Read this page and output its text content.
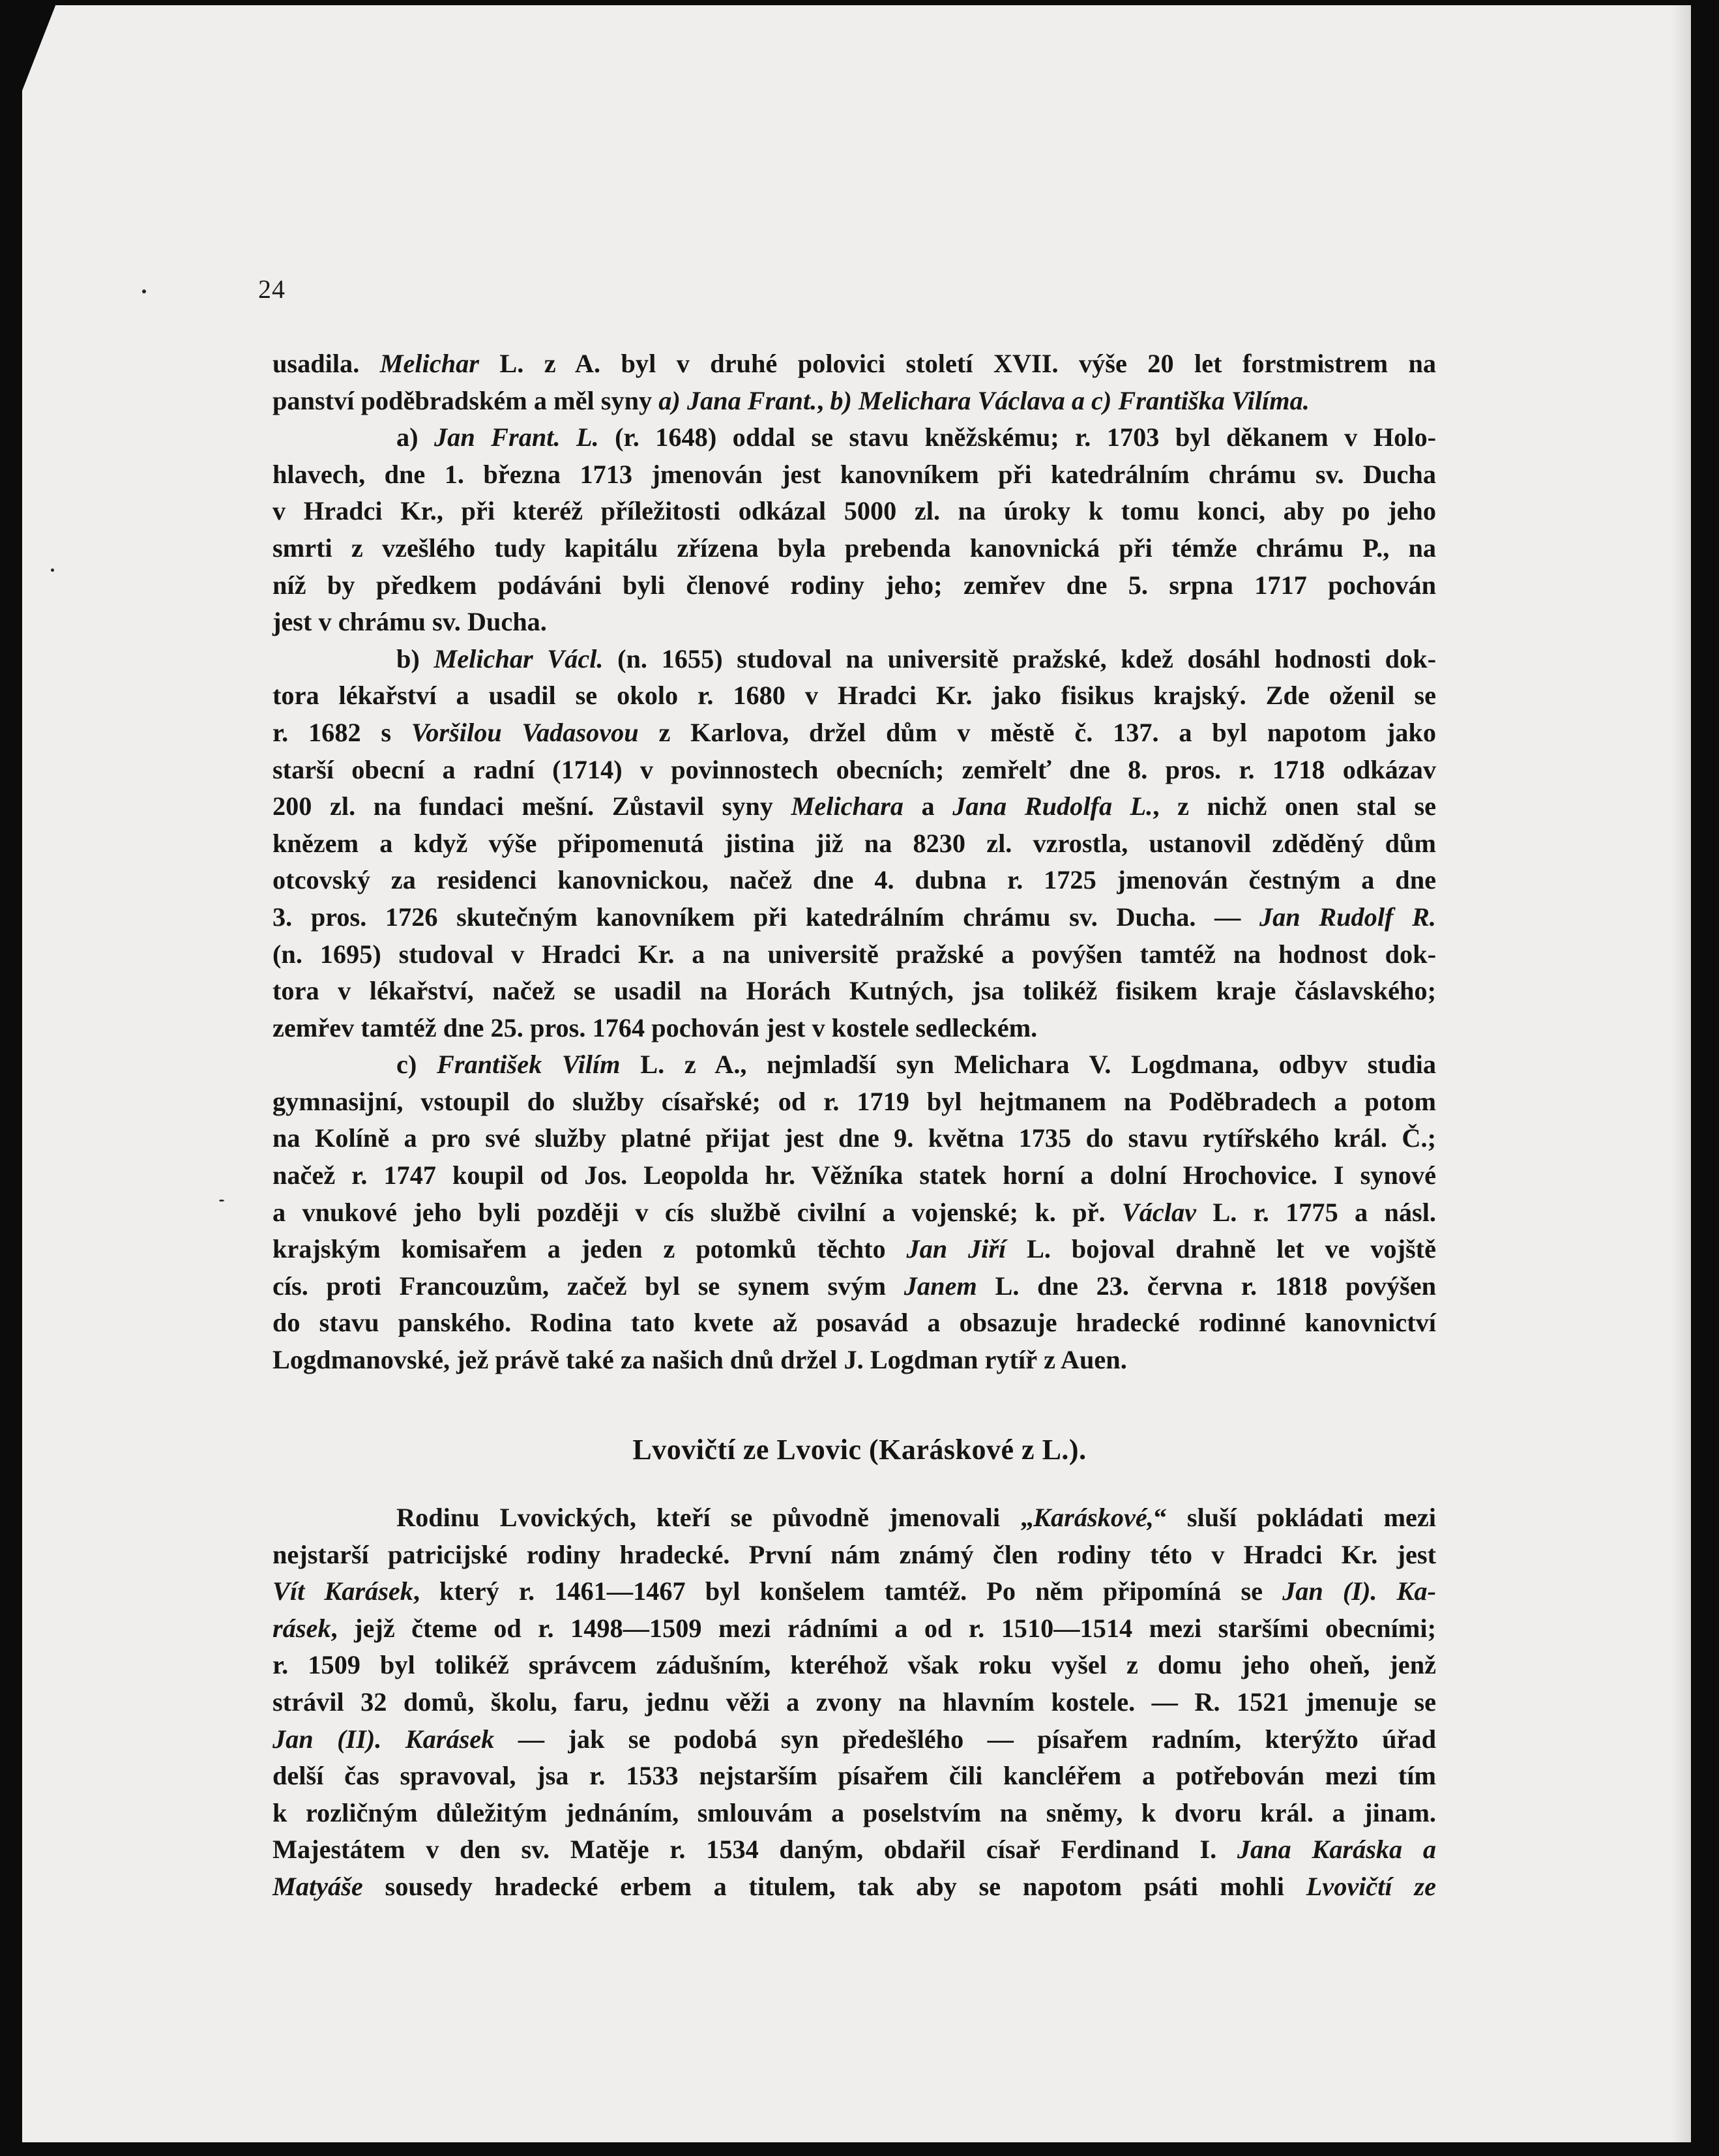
24
usadila. Melichar L. z A. byl v druhé polovici století XVII. výše 20 let forstmistrem na
panství poděbradském a měl syny a) Jana Frant., b) Melichara Václava a c) Františka Vilíma.
a) Jan Frant. L. (r. 1648) oddal se stavu kněžskému; r. 1703 byl děkanem v Holo-
hlavech, dne 1. března 1713 jmenován jest kanovníkem při katedrálním chrámu sv. Ducha
v Hradci Kr., při kteréž příležitosti odkázal 5000 zl. na úroky k tomu konci, aby po jeho
smrti z vzešlého tudy kapitálu zřízena byla prebenda kanovnická při témže chrámu P., na
níž by předkem podáváni byli členové rodiny jeho; zemřev dne 5. srpna 1717 pochován
jest v chrámu sv. Ducha.
b) Melichar Václ. (n. 1655) studoval na universitě pražské, kdež dosáhl hodnosti dok-
tora lékařství a usadil se okolo r. 1680 v Hradci Kr. jako fisikus krajský. Zde oženil se
r. 1682 s Voršilou Vadasovou z Karlova, držel dům v městě č. 137. a byl napotom jako
starší obecní a radní (1714) v povinnostech obecních; zemřelť dne 8. pros. r. 1718 odkázav
200 zl. na fundaci mešní. Zůstavil syny Melichara a Jana Rudolfa L., z nichž onen stal se
knězem a když výše připomenutá jistina již na 8230 zl. vzrostla, ustanovil zděděný dům
otcovský za residenci kanovnickou, načež dne 4. dubna r. 1725 jmenován čestným a dne
3. pros. 1726 skutečným kanovníkem při katedrálním chrámu sv. Ducha. — Jan Rudolf R.
(n. 1695) studoval v Hradci Kr. a na universitě pražské a povýšen tamtéž na hodnost dok-
tora v lékařství, načež se usadil na Horách Kutných, jsa tolikéž fisikem kraje čáslavského;
zemřev tamtéž dne 25. pros. 1764 pochován jest v kostele sedleckém.
c) František Vilím L. z A., nejmladší syn Melichara V. Logdmana, odbyv studia
gymnasijní, vstoupil do služby císařské; od r. 1719 byl hejtmanem na Poděbradech a potom
na Kolíně a pro své služby platné přijat jest dne 9. května 1735 do stavu rytířského král. Č.;
načež r. 1747 koupil od Jos. Leopolda hr. Věžníka statek horní a dolní Hrochovice. I synové
a vnukové jeho byli později v cís službě civilní a vojenské; k. př. Václav L. r. 1775 a násl.
krajským komisařem a jeden z potomků těchto Jan Jiří L. bojoval drahně let ve vojště
cís. proti Francouzům, začež byl se synem svým Janem L. dne 23. června r. 1818 povýšen
do stavu panského. Rodina tato kvete až posavád a obsazuje hradecké rodinné kanovnictví
Logdmanovské, jež právě také za našich dnů držel J. Logdman rytíř z Auen.
Lvovičtí ze Lvovic (Karáskové z L.).
Rodinu Lvovických, kteří se původně jmenovali „Karáskové,“ sluší pokládati mezi
nejstarší patricijské rodiny hradecké. První nám známý člen rodiny této v Hradci Kr. jest
Vít Karásek, který r. 1461—1467 byl konšelem tamtéž. Po něm připomíná se Jan (I). Ka-
rásek, jejž čteme od r. 1498—1509 mezi rádními a od r. 1510—1514 mezi staršími obecními;
r. 1509 byl tolikéž správcem zádušním, kteréhož však roku vyšel z domu jeho oheň, jenž
strávil 32 domů, školu, faru, jednu věži a zvony na hlavním kostele. — R. 1521 jmenuje se
Jan (II). Karásek — jak se podobá syn předešlého — písařem radním, kterýžto úřad
delší čas spravoval, jsa r. 1533 nejstarším písařem čili kancléřem a potřebován mezi tím
k rozličným důležitým jednáním, smlouvám a poselstvím na sněmy, k dvoru král. a jinam.
Majestátem v den sv. Matěje r. 1534 daným, obdařil císař Ferdinand I. Jana Karáska a
Matyáše sousedy hradecké erbem a titulem, tak aby se napotom psáti mohli Lvovičtí ze
